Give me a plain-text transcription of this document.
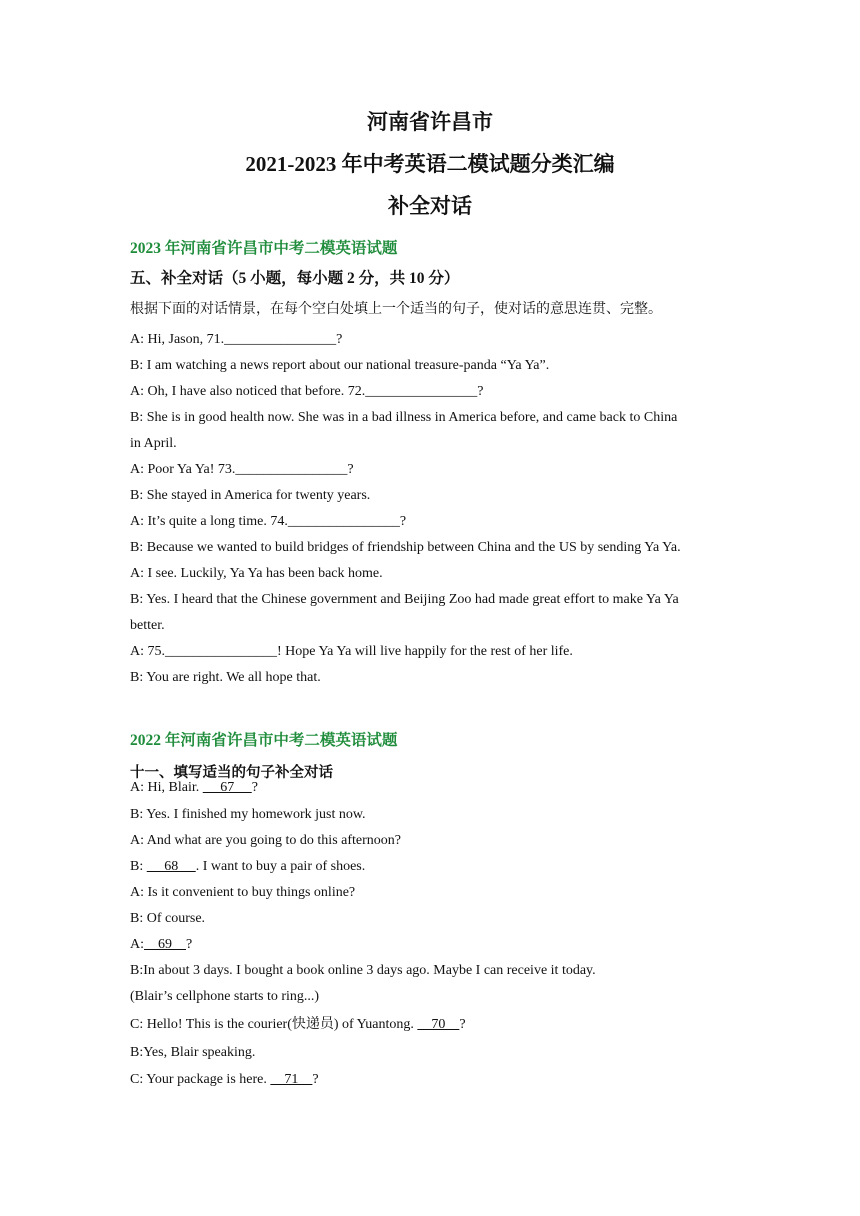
河南省许昌市
2021-2023 年中考英语二模试题分类汇编
补全对话
2023 年河南省许昌市中考二模英语试题
五、补全对话（5 小题，每小题 2 分，共 10 分）
根据下面的对话情景，在每个空白处填上一个适当的句子，使对话的意思连贯、完整。
A: Hi, Jason, 71.________________?
B: I am watching a news report about our national treasure-panda “Ya Ya”.
A: Oh, I have also noticed that before. 72.________________?
B: She is in good health now. She was in a bad illness in America before, and came back to China
in April.
A: Poor Ya Ya! 73.________________?
B: She stayed in America for twenty years.
A: It’s quite a long time. 74.________________?
B: Because we wanted to build bridges of friendship between China and the US by sending Ya Ya.
A: I see. Luckily, Ya Ya has been back home.
B: Yes. I heard that the Chinese government and Beijing Zoo had made great effort to make Ya Ya
better.
A: 75.________________! Hope Ya Ya will live happily for the rest of her life.
B: You are right. We all hope that.
2022 年河南省许昌市中考二模英语试题
十一、填写适当的句子补全对话
A: Hi, Blair.      67     ?
B: Yes. I finished my homework just now.
A: And what are you going to do this afternoon?
B:      68     . I want to buy a pair of shoes.
A: Is it convenient to buy things online?
B: Of course.
A:    69    ?
B:In about 3 days. I bought a book online 3 days ago. Maybe I can receive it today.
(Blair’s cellphone starts to ring...)
C: Hello! This is the courier(快递员) of Yuantong.     70    ?
B:Yes, Blair speaking.
C: Your package is here.     71    ?
